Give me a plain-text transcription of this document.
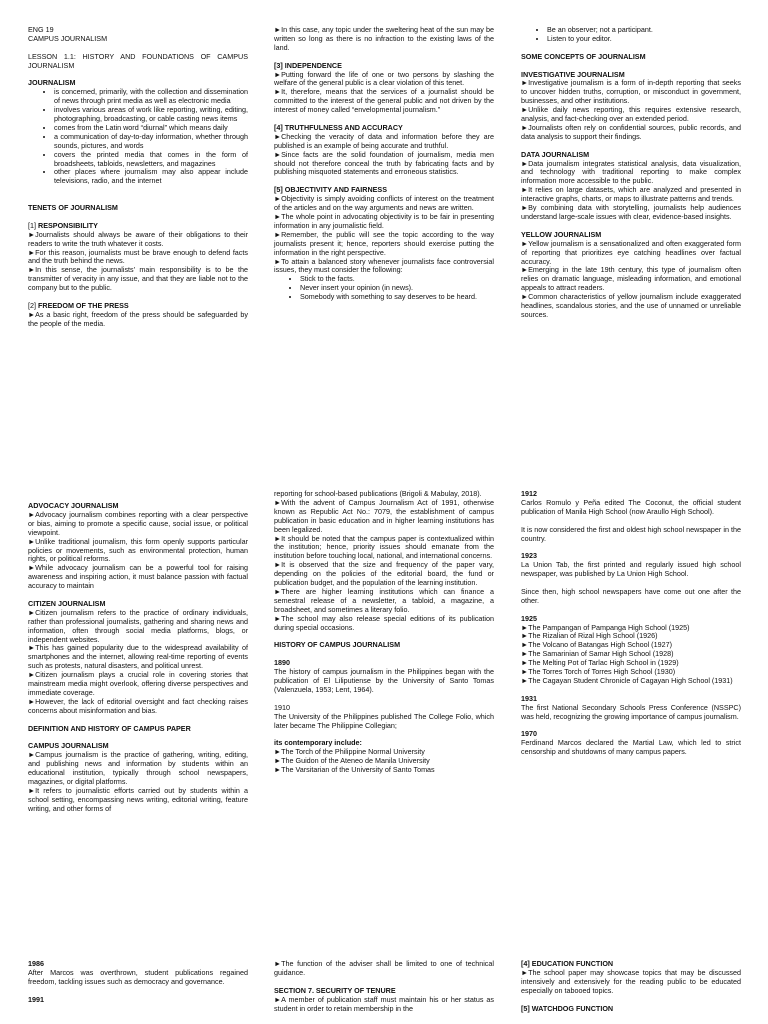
ENG 19
CAMPUS JOURNALISM

LESSON 1.1: HISTORY AND FOUNDATIONS OF CAMPUS JOURNALISM

JOURNALISM
• is concerned, primarily, with the collection and dissemination of news through print media as well as electronic media
• involves various areas of work like reporting, writing, editing, photographing, broadcasting, or cable casting news items
• comes from the Latin word “diurnal” which means daily
• a communication of day-to-day information, whether through sounds, pictures, and words
• covers the printed media that comes in the form of broadsheets, tabloids, newsletters, and magazines
• other places where journalism may also appear include televisions, radio, and the internet
TENETS OF JOURNALISM
[1] RESPONSIBILITY

►Journalists should always be aware of their obligations to their readers to write the truth whatever it costs.

►For this reason, journalists must be brave enough to defend facts and the truth behind the news.

►In this sense, the journalists’ main responsibility is to be the transmitter of veracity in any issue, and that they are liable not to the company but to the public.

[2] FREEDOM OF THE PRESS

►As a basic right, freedom of the press should be safeguarded by the people of the media.

►In this case, any topic under the sweltering heat of the sun may be written so long as there is no infraction to the existing laws of the land.

[3] INDEPENDENCE

►Putting forward the life of one or two persons by slashing the welfare of the general public is a clear violation of this tenet.

►It, therefore, means that the services of a journalist should be committed to the interest of the general public and not driven by the interest of money called “envelopmental journalism.”

[4] TRUTHFULNESS AND ACCURACY

►Checking the veracity of data and information before they are published is an example of being accurate and truthful.

►Since facts are the solid foundation of journalism, media men should not therefore conceal the truth by fabricating facts and by publishing misquoted statements and erroneous statistics.

[5] OBJECTIVITY AND FAIRNESS

►Objectivity is simply avoiding conflicts of interest on the treatment of the articles and on the way arguments and news are written.

►The whole point in advocating objectivity is to be fair in presenting information in any journalistic field.

►Remember, the public will see the topic according to the way journalists present it; hence, reporters should exercise putting the information in the right perspective.

►To attain a balanced story whenever journalists face controversial issues, they must consider the following:

• Stick to the facts.
• Never insert your opinion (in news).
• Somebody with something to say deserves to be heard.
• Be an observer; not a participant.
• Listen to your editor.
SOME CONCEPTS OF JOURNALISM
INVESTIGATIVE JOURNALISM

►Investigative journalism is a form of in-depth reporting that seeks to uncover hidden truths, corruption, or misconduct in government, businesses, and other institutions.

►Unlike daily news reporting, this requires extensive research, analysis, and fact-checking over an extended period.

►Journalists often rely on confidential sources, public records, and data analysis to support their findings.

DATA JOURNALISM

►Data journalism integrates statistical analysis, data visualization, and technology with traditional reporting to make complex information more accessible to the public.

►It relies on large datasets, which are analyzed and presented in interactive graphs, charts, or maps to illustrate patterns and trends.

►By combining data with storytelling, journalists help audiences understand large-scale issues with clear, evidence-based insights.

YELLOW JOURNALISM

►Yellow journalism is a sensationalized and often exaggerated form of reporting that prioritizes eye catching headlines over factual accuracy.

►Emerging in the late 19th century, this type of journalism often relies on dramatic language, misleading information, and emotional appeals to attract readers.

►Common characteristics of yellow journalism include exaggerated headlines, scandalous stories, and the use of unnamed or unreliable sources.

ADVOCACY JOURNALISM

►Advocacy journalism combines reporting with a clear perspective or bias, aiming to promote a specific cause, social issue, or political viewpoint.

►Unlike traditional journalism, this form openly supports particular policies or movements, such as environmental protection, human rights, or political reforms.

►While advocacy journalism can be a powerful tool for raising awareness and inspiring action, it must balance passion with factual accuracy to maintain

CITIZEN JOURNALISM

►Citizen journalism refers to the practice of ordinary individuals, rather than professional journalists, gathering and sharing news and information, often through social media platforms, blogs, or independent websites.

►This has gained popularity due to the widespread availability of smartphones and the internet, allowing real-time reporting of events such as protests, natural disasters, and political unrest.

►Citizen journalism plays a crucial role in covering stories that mainstream media might overlook, offering diverse perspectives and immediate coverage.

►However, the lack of editorial oversight and fact checking raises concerns about misinformation and bias.

DEFINITION AND HISTORY OF CAMPUS PAPER
CAMPUS JOURNALISM

►Campus journalism is the practice of gathering, writing, editing, and publishing news and information by students within an educational institution, typically through school newspapers, magazines, or digital platforms.

►It refers to journalistic efforts carried out by students within a school setting, encompassing news writing, editorial writing, feature writing, and other forms of

reporting for school-based publications (Brigoli & Mabulay, 2018).

►With the advent of Campus Journalism Act of 1991, otherwise known as Republic Act No.: 7079, the establishment of campus publication in basic education and in higher learning institutions has been legalized.

►It should be noted that the campus paper is contextualized within the institution; hence, priority issues should emanate from the institution before touching local, national, and international concerns.

►It is observed that the size and frequency of the paper vary, depending on the policies of the editorial board, the fund or publication budget, and the population of the learning institution.

►There are higher learning institutions which can finance a semestral release of a newsletter, a tabloid, a magazine, a broadsheet, and sometimes a literary folio.

►The school may also release special editions of its publication during special occasions.

HISTORY OF CAMPUS JOURNALISM
1890

The history of campus journalism in the Philippines began with the publication of El Liliputiense by the University of Santo Tomas (Valenzuela, 1953; Lent, 1964).

1910

The University of the Philippines published The College Folio, which later became The Philippine Collegian;

its contemporary include:
►The Torch of the Philippine Normal University
►The Guidon of the Ateneo de Manila University
►The Varsitarian of the University of Santo Tomas
1912

Carlos Romulo y Peña edited The Coconut, the official student publication of Manila High School (now Araullo High School).

It is now considered the first and oldest high school newspaper in the country.

1923

La Union Tab, the first printed and regularly issued high school newspaper, was published by La Union High School.

Since then, high school newspapers have come out one after the other.

1925
►The Pampangan of Pampanga High School (1925)
►The Rizalian of Rizal High School (1926)
►The Volcano of Batangas High School (1927)
►The Samarinian of Samar High School (1928)
►The Melting Pot of Tarlac High School in (1929)
►The Torres Torch of Torres High School (1930)

►The Cagayan Student Chronicle of Cagayan High School (1931)

1931

The first National Secondary Schools Press Conference (NSSPC) was held, recognizing the growing importance of campus journalism.

1970

Ferdinand Marcos declared the Martial Law, which led to strict censorship and shutdowns of many campus papers.

1986

After Marcos was overthrown, student publications regained freedom, tackling issues such as democracy and governance.

1991

►The function of the adviser shall be limited to one of technical guidance.

SECTION 7. SECURITY OF TENURE

►A member of publication staff must maintain his or her status as student in order to retain membership in the

[4] EDUCATION FUNCTION

►The school paper may showcase topics that may be discussed intensively and extensively for the reading public to be educated especially on tabooed topics.

[5] WATCHDOG FUNCTION
